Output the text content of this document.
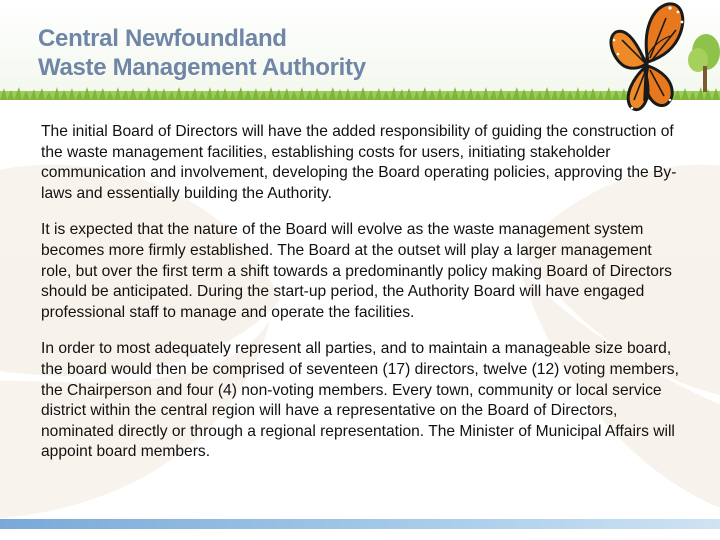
Central Newfoundland
Waste Management Authority

The initial Board of Directors will have the added responsibility of guiding the construction of the waste management facilities, establishing costs for users, initiating stakeholder communication and involvement, developing the Board operating policies, approving the By-laws and essentially building the Authority.

It is expected that the nature of the Board will evolve as the waste management system becomes more firmly established. The Board at the outset will play a larger management role, but over the first term a shift towards a predominantly policy making Board of Directors should be anticipated. During the start-up period, the Authority Board will have engaged professional staff to manage and operate the facilities.

In order to most adequately represent all parties, and to maintain a manageable size board, the board would then be comprised of seventeen (17) directors, twelve (12) voting members, the Chairperson and four (4) non-voting members. Every town, community or local service district within the central region will have a representative on the Board of Directors, nominated directly or through a regional representation. The Minister of Municipal Affairs will appoint board members.
